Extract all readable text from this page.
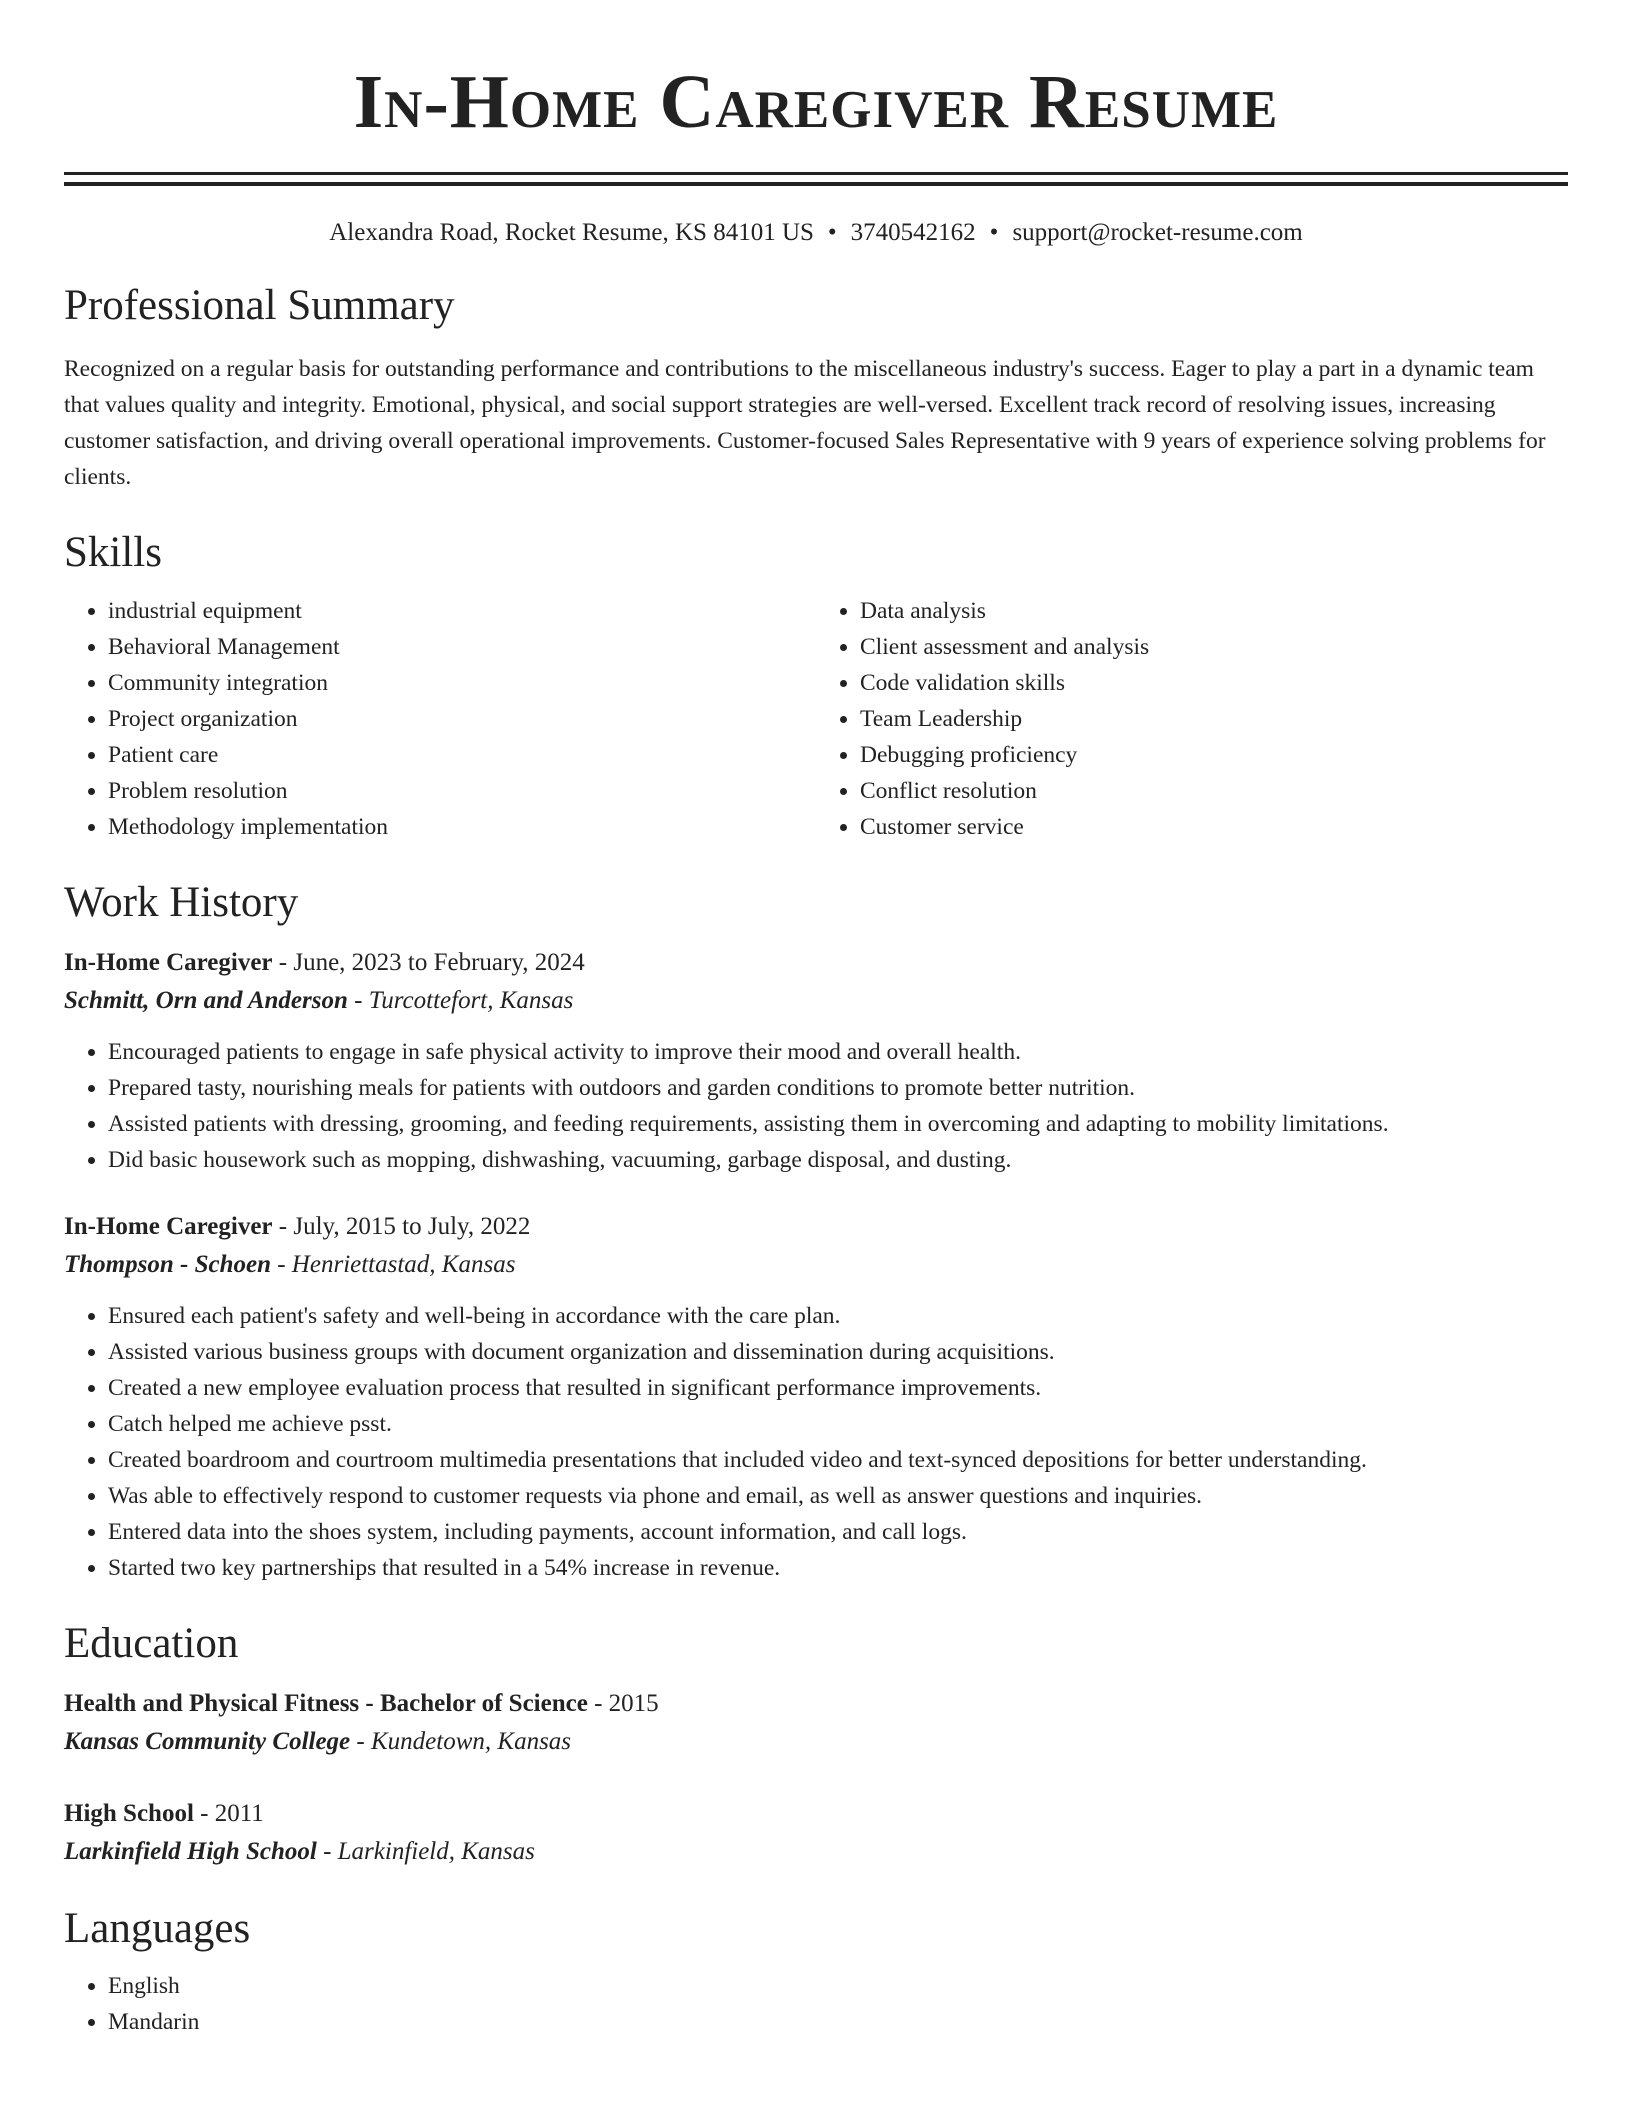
In-Home Caregiver Resume
Alexandra Road, Rocket Resume, KS 84101 US • 3740542162 • support@rocket-resume.com
Professional Summary
Recognized on a regular basis for outstanding performance and contributions to the miscellaneous industry's success. Eager to play a part in a dynamic team that values quality and integrity. Emotional, physical, and social support strategies are well-versed. Excellent track record of resolving issues, increasing customer satisfaction, and driving overall operational improvements. Customer-focused Sales Representative with 9 years of experience solving problems for clients.
Skills
• industrial equipment
• Behavioral Management
• Community integration
• Project organization
• Patient care
• Problem resolution
• Methodology implementation
• Data analysis
• Client assessment and analysis
• Code validation skills
• Team Leadership
• Debugging proficiency
• Conflict resolution
• Customer service
Work History
In-Home Caregiver - June, 2023 to February, 2024
Schmitt, Orn and Anderson - Turcottefort, Kansas
• Encouraged patients to engage in safe physical activity to improve their mood and overall health.
• Prepared tasty, nourishing meals for patients with outdoors and garden conditions to promote better nutrition.
• Assisted patients with dressing, grooming, and feeding requirements, assisting them in overcoming and adapting to mobility limitations.
• Did basic housework such as mopping, dishwashing, vacuuming, garbage disposal, and dusting.
In-Home Caregiver - July, 2015 to July, 2022
Thompson - Schoen - Henriettastad, Kansas
• Ensured each patient's safety and well-being in accordance with the care plan.
• Assisted various business groups with document organization and dissemination during acquisitions.
• Created a new employee evaluation process that resulted in significant performance improvements.
• Catch helped me achieve psst.
• Created boardroom and courtroom multimedia presentations that included video and text-synced depositions for better understanding.
• Was able to effectively respond to customer requests via phone and email, as well as answer questions and inquiries.
• Entered data into the shoes system, including payments, account information, and call logs.
• Started two key partnerships that resulted in a 54% increase in revenue.
Education
Health and Physical Fitness - Bachelor of Science - 2015
Kansas Community College - Kundetown, Kansas
High School - 2011
Larkinfield High School - Larkinfield, Kansas
Languages
• English
• Mandarin
